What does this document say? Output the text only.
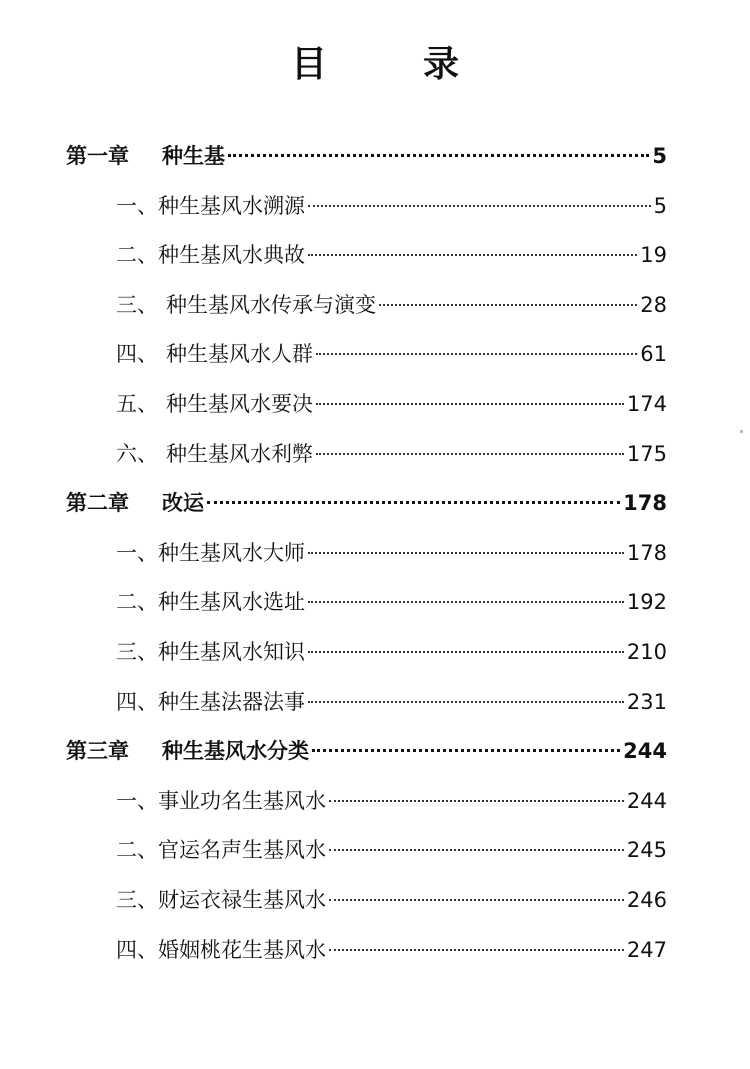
目　录
第一章	种生基	5
一、 种生基风水溯源	5
二、 种生基风水典故	19
三、 种生基风水传承与演变	28
四、 种生基风水人群	61
五、 种生基风水要决	174
六、 种生基风水利弊	175
第二章	改运	178
一、 种生基风水大师	178
二、 种生基风水选址	192
三、 种生基风水知识	210
四、 种生基法器法事	231
第三章	种生基风水分类	244
一、 事业功名生基风水	244
二、 官运名声生基风水	245
三、 财运衣禄生基风水	246
四、 婚姻桃花生基风水	247
